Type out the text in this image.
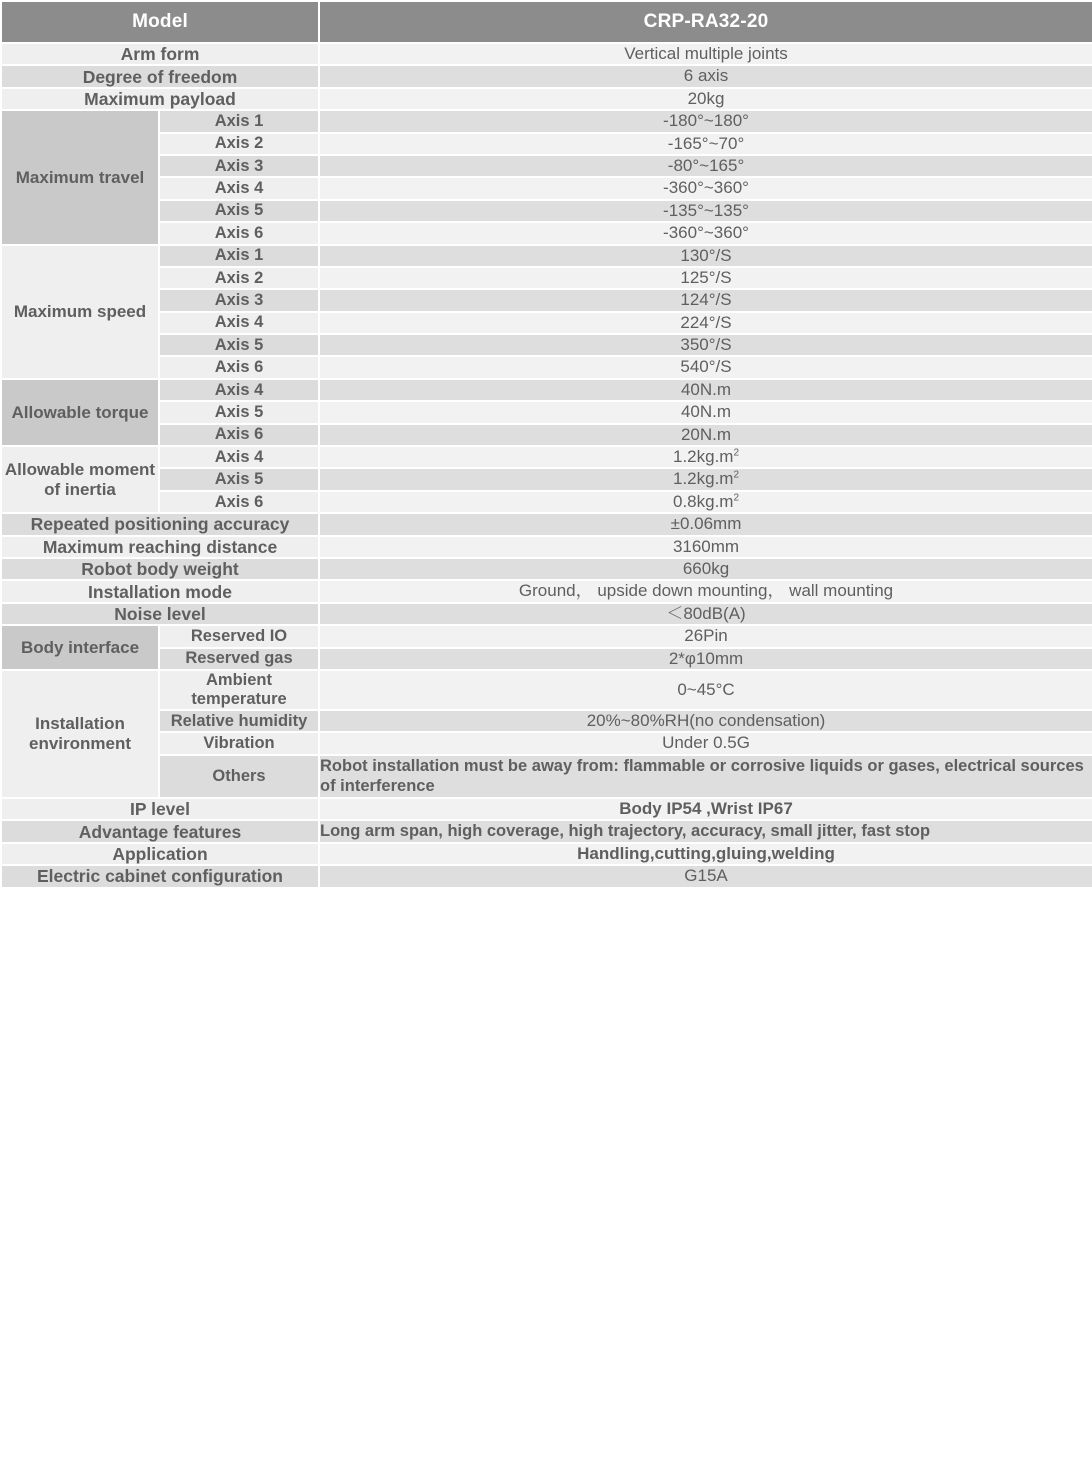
Model		CRP-RA32-20
Arm form		Vertical multiple joints
Degree of freedom		6 axis
Maximum payload		20kg
Maximum travel	Axis 1	-180°~180°
	Axis 2	-165°~70°
	Axis 3	-80°~165°
	Axis 4	-360°~360°
	Axis 5	-135°~135°
	Axis 6	-360°~360°
Maximum speed	Axis 1	130°/S
	Axis 2	125°/S
	Axis 3	124°/S
	Axis 4	224°/S
	Axis 5	350°/S
	Axis 6	540°/S
Allowable torque	Axis 4	40N.m
	Axis 5	40N.m
	Axis 6	20N.m
Allowable moment of inertia	Axis 4	$1.2kg.m^2$
	Axis 5	$1.2kg.m^2$
	Axis 6	$0.8kg.m^2$
Repeated positioning accuracy		±0.06mm
Maximum reaching distance		3160mm
Robot body weight		660kg
Installation mode		Ground， upside down mounting， wall mounting
Noise level		＜80dB(A)
Body interface	Reserved IO	26Pin
	Reserved gas	2*φ10mm
Installation environment	Ambient temperature	0~45°C
	Relative humidity	20%~80%RH(no condensation)
	Vibration	Under 0.5G
	Others	Robot installation must be away from: flammable or corrosive liquids or gases, electrical sources of interference
IP level		Body IP54 ,Wrist IP67
Advantage features		Long arm span, high coverage, high trajectory, accuracy, small jitter, fast stop
Application		Handling,cutting,gluing,welding
Electric cabinet configuration		G15A
